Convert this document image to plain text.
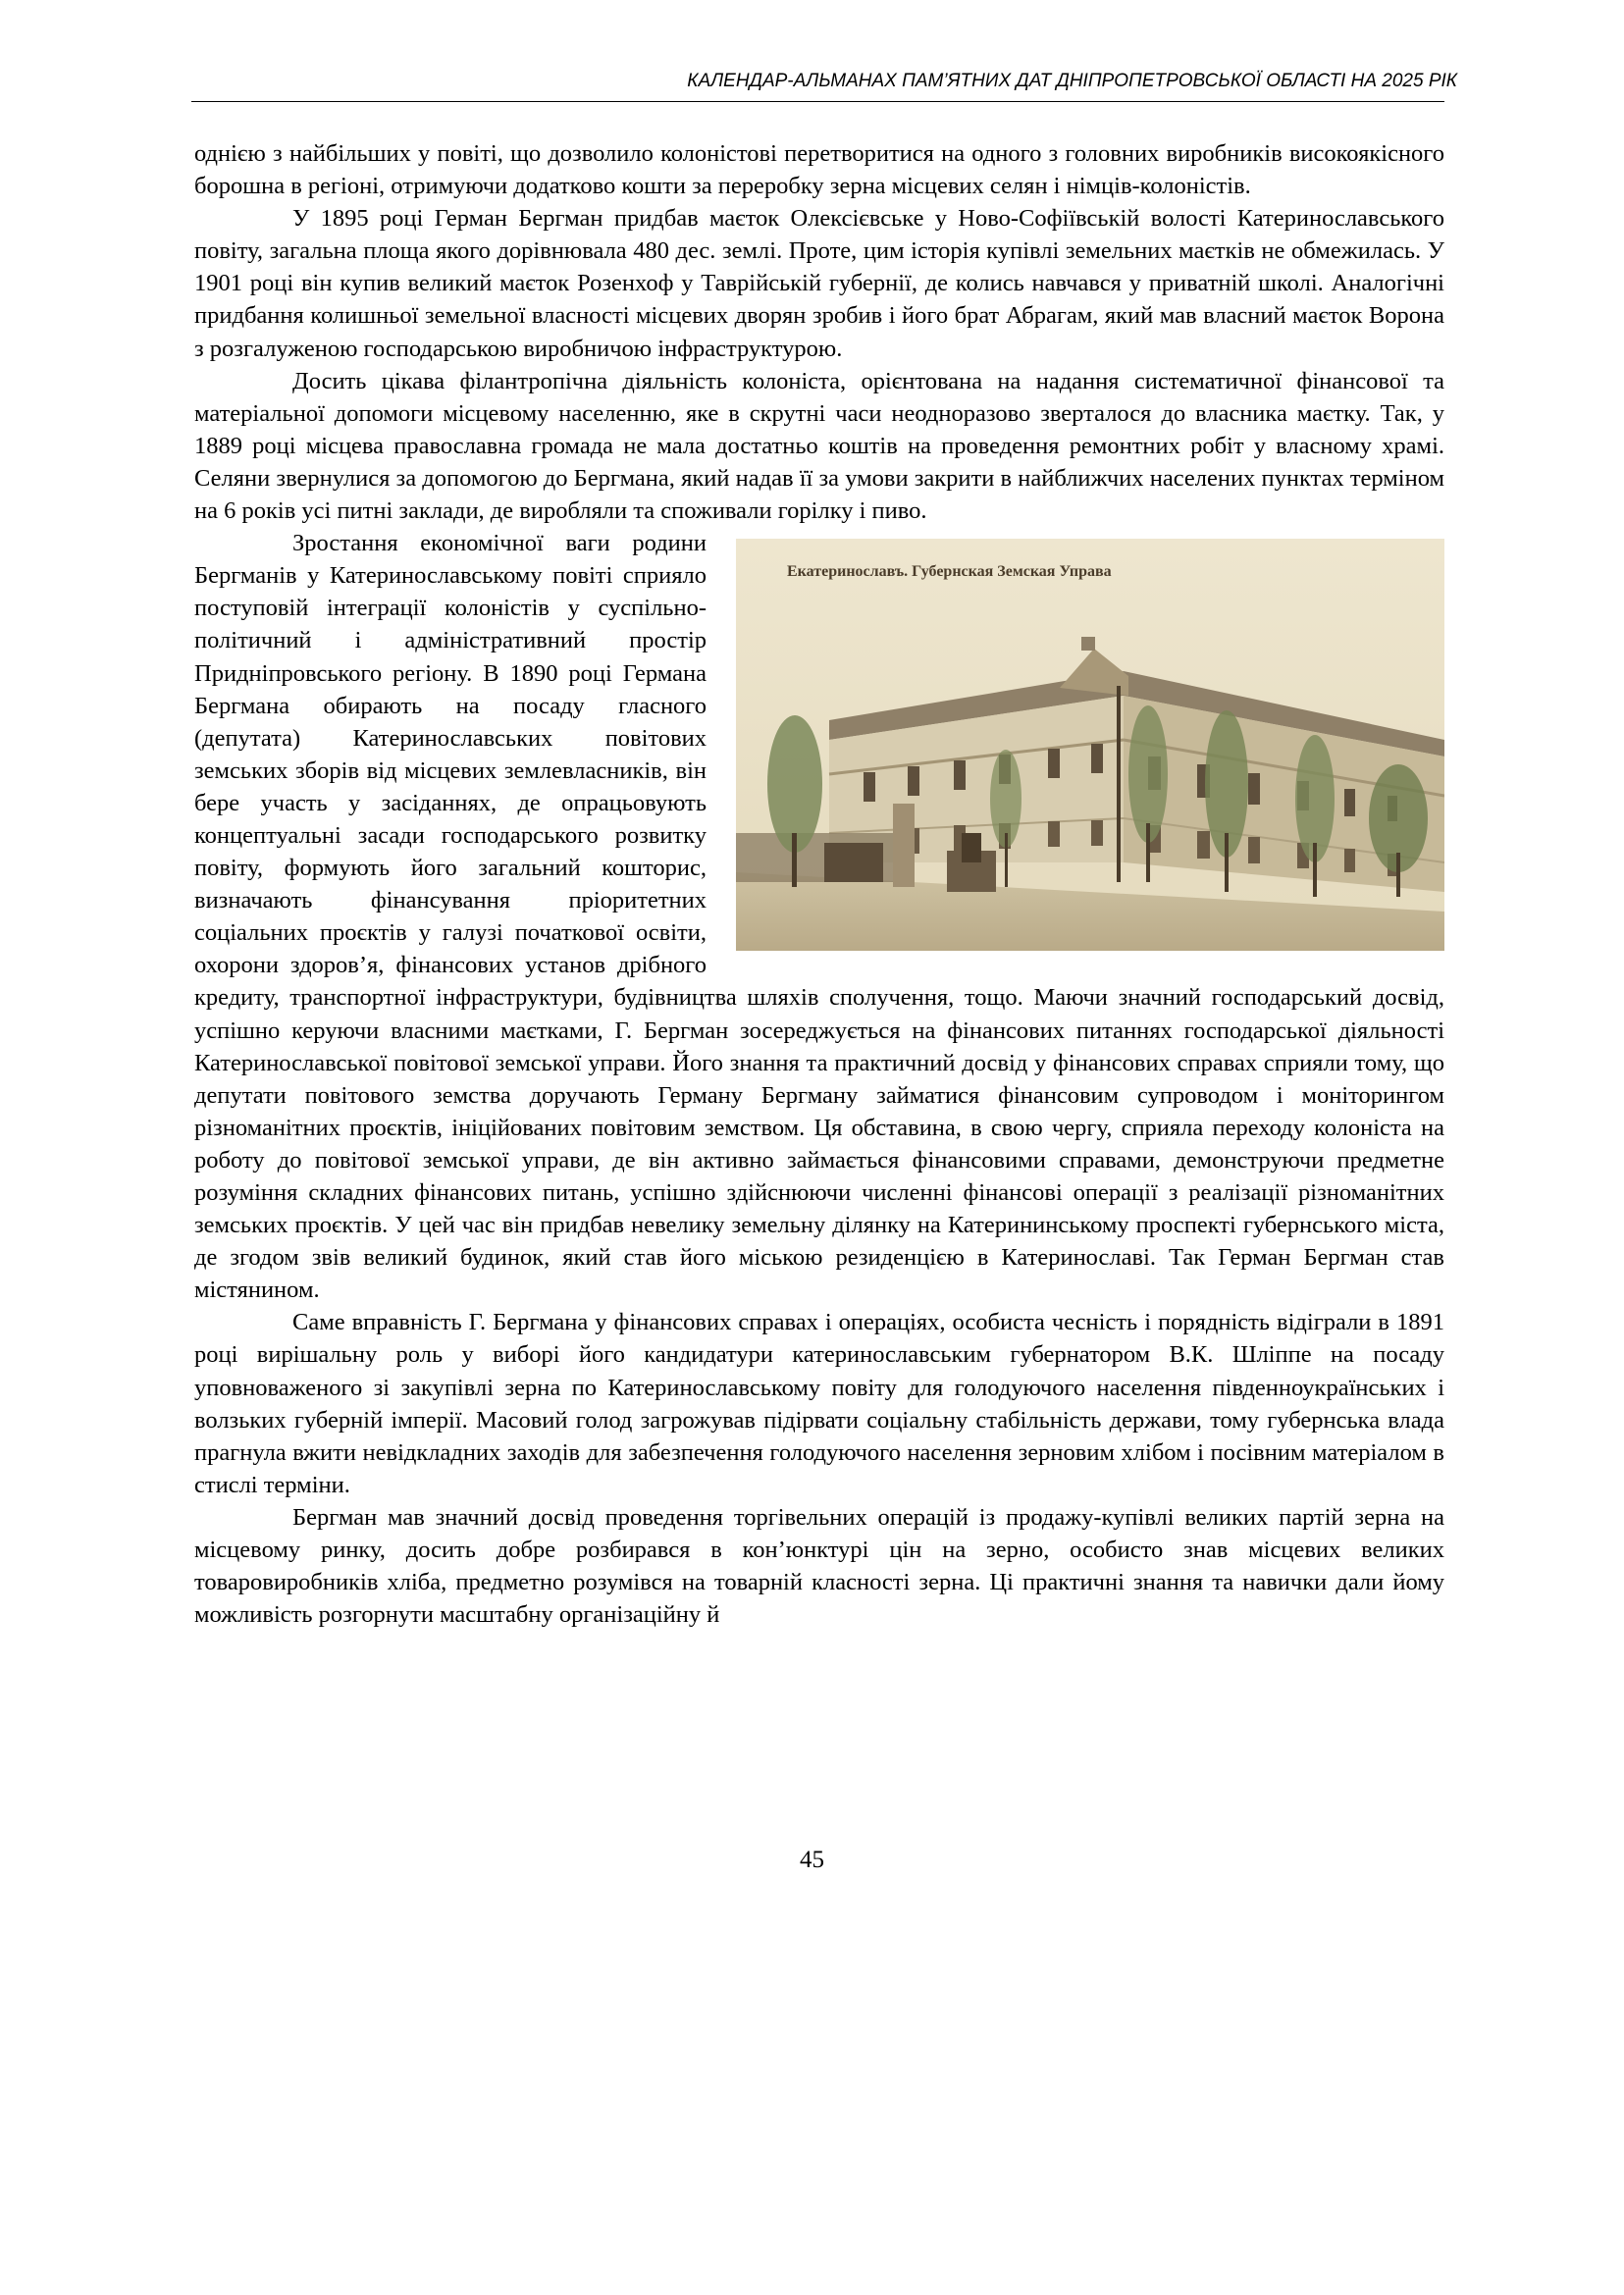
КАЛЕНДАР-АЛЬМАНАХ ПАМ’ЯТНИХ ДАТ ДНІПРОПЕТРОВСЬКОЇ ОБЛАСТІ НА 2025 РІК

однією з найбільших у повіті, що дозволило колоністові перетворитися на одного з головних виробників високоякісного борошна в регіоні, отримуючи додатково кошти за переробку зерна місцевих селян і німців-колоністів.

У 1895 році Герман Бергман придбав маєток Олексієвське у Ново-Софіївській волості Катеринославського повіту, загальна площа якого дорівнювала 480 дес. землі. Проте, цим історія купівлі земельних маєтків не обмежилась. У 1901 році він купив великий маєток Розенхоф у Таврійській губернії, де колись навчався у приватній школі. Аналогічні придбання колишньої земельної власності місцевих дворян зробив і його брат Абрагам, який мав власний маєток Ворона з розгалуженою господарською виробничою інфраструктурою.

Досить цікава філантропічна діяльність колоніста, орієнтована на надання систематичної фінансової та матеріальної допомоги місцевому населенню, яке в скрутні часи неодноразово зверталося до власника маєтку. Так, у 1889 році місцева православна громада не мала достатньо коштів на проведення ремонтних робіт у власному храмі. Селяни звернулися за допомогою до Бергмана, який надав її за умови закрити в найближчих населених пунктах терміном на 6 років усі питні заклади, де виробляли та споживали горілку і пиво.

Екатеринославъ. Губернская Земская Управа

Зростання економічної ваги родини Бергманів у Катеринославському повіті сприяло поступовій інтеграції колоністів у суспільно-політичний і адміністративний простір Придніпровського регіону. В 1890 році Германа Бергмана обирають на посаду гласного (депутата) Катеринославських повітових земських зборів від місцевих землевласників, він бере участь у засіданнях, де опрацьовують концептуальні засади господарського розвитку повіту, формують його загальний кошторис, визначають фінансування пріоритетних соціальних проєктів у галузі початкової освіти, охорони здоров’я, фінансових установ дрібного кредиту, транспортної інфраструктури, будівництва шляхів сполучення, тощо. Маючи значний господарський досвід, успішно керуючи власними маєтками, Г. Бергман зосереджується на фінансових питаннях господарської діяльності Катеринославської повітової земської управи. Його знання та практичний досвід у фінансових справах сприяли тому, що депутати повітового земства доручають Герману Бергману займатися фінансовим супроводом і моніторингом різноманітних проєктів, ініційованих повітовим земством. Ця обставина, в свою чергу, сприяла переходу колоніста на роботу до повітової земської управи, де він активно займається фінансовими справами, демонструючи предметне розуміння складних фінансових питань, успішно здійснюючи численні фінансові операції з реалізації різноманітних земських проєктів. У цей час він придбав невелику земельну ділянку на Катерининському проспекті губернського міста, де згодом звів великий будинок, який став його міською резиденцією в Катеринославі. Так Герман Бергман став містянином.

Саме вправність Г. Бергмана у фінансових справах і операціях, особиста чесність і порядність відіграли в 1891 році вирішальну роль у виборі його кандидатури катеринославським губернатором В.К. Шліппе на посаду уповноваженого зі закупівлі зерна по Катеринославському повіту для голодуючого населення південноукраїнських і волзьких губерній імперії. Масовий голод загрожував підірвати соціальну стабільність держави, тому губернська влада прагнула вжити невідкладних заходів для забезпечення голодуючого населення зерновим хлібом і посівним матеріалом в стислі терміни.

Бергман мав значний досвід проведення торгівельних операцій із продажу-купівлі великих партій зерна на місцевому ринку, досить добре розбирався в кон’юнктурі цін на зерно, особисто знав місцевих великих товаровиробників хліба, предметно розумівся на товарній класності зерна. Ці практичні знання та навички дали йому можливість розгорнути масштабну організаційну й

45
